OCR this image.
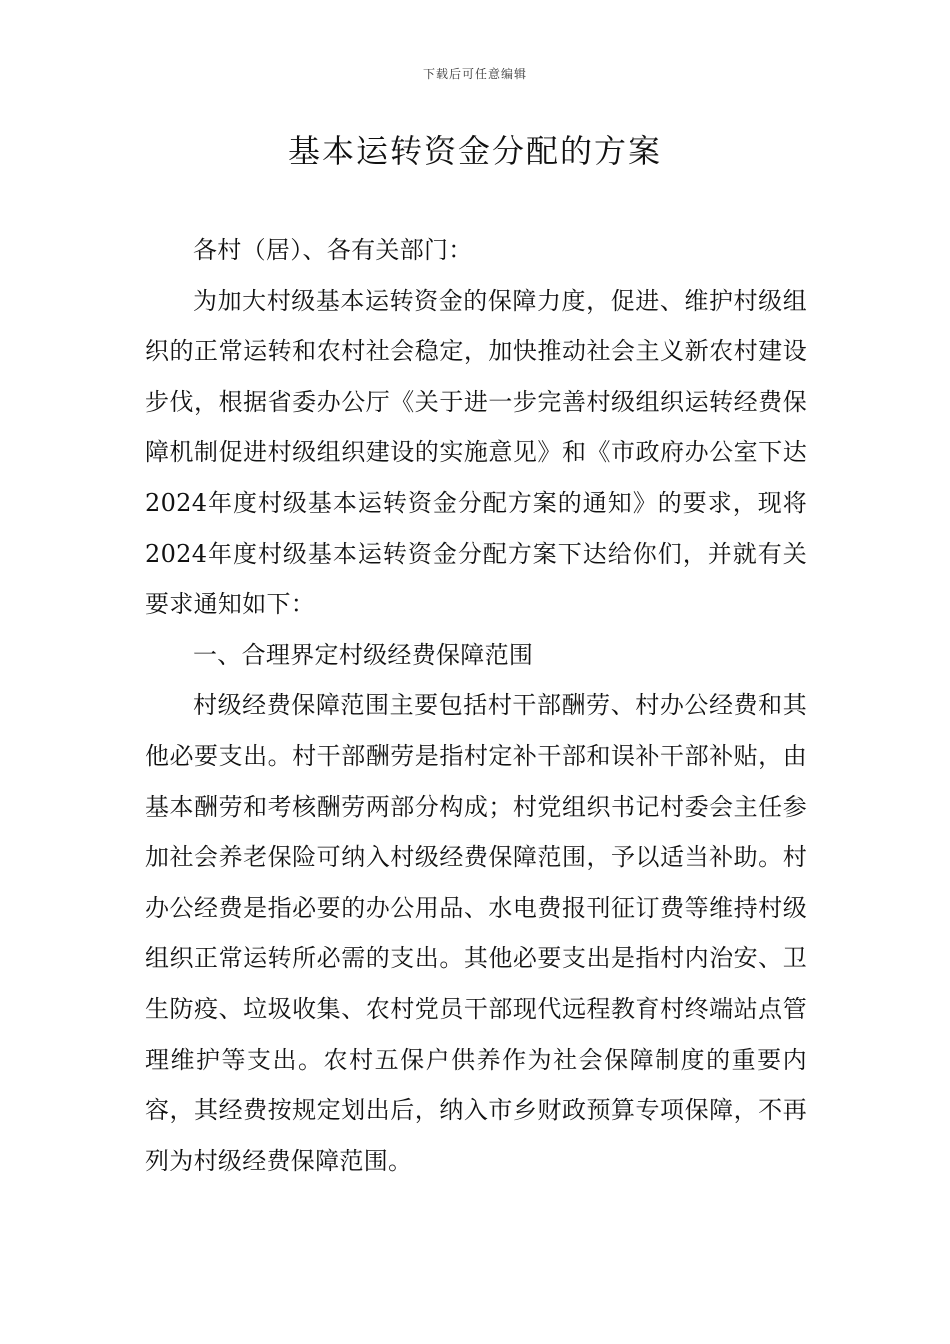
下载后可任意编辑
基本运转资金分配的方案

各村（居）、各有关部门：

为加大村级基本运转资金的保障力度，促进、维护村级组织的正常运转和农村社会稳定，加快推动社会主义新农村建设步伐，根据省委办公厅《关于进一步完善村级组织运转经费保障机制促进村级组织建设的实施意见》和《市政府办公室下达2024年度村级基本运转资金分配方案的通知》的要求，现将2024年度村级基本运转资金分配方案下达给你们，并就有关要求通知如下：

一、合理界定村级经费保障范围

村级经费保障范围主要包括村干部酬劳、村办公经费和其他必要支出。村干部酬劳是指村定补干部和误补干部补贴，由基本酬劳和考核酬劳两部分构成；村党组织书记村委会主任参加社会养老保险可纳入村级经费保障范围，予以适当补助。村办公经费是指必要的办公用品、水电费报刊征订费等维持村级组织正常运转所必需的支出。其他必要支出是指村内治安、卫生防疫、垃圾收集、农村党员干部现代远程教育村终端站点管理维护等支出。农村五保户供养作为社会保障制度的重要内容，其经费按规定划出后，纳入市乡财政预算专项保障，不再列为村级经费保障范围。
